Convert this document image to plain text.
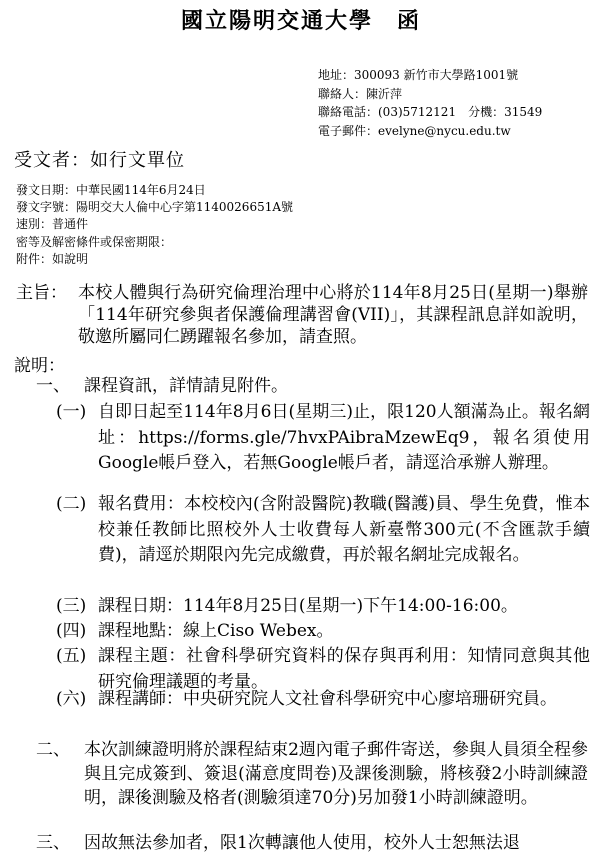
國立陽明交通大學　函
地址：300093 新竹市大學路1001號
聯絡人：陳沂萍
聯絡電話：(03)5712121　分機：31549
電子郵件：evelyne@nycu.edu.tw
受文者：如行文單位
發文日期：中華民國114年6月24日
發文字號：陽明交大人倫中心字第1140026651A號
速別：普通件
密等及解密條件或保密期限：
附件：如說明
主旨： 本校人體與行為研究倫理治理中心將於114年8月25日(星期一)舉辦「114年研究參與者保護倫理講習會(VII)」，其課程訊息詳如說明，敬邀所屬同仁踴躍報名參加，請查照。
說明：
一、 課程資訊，詳情請見附件。
(一) 自即日起至114年8月6日(星期三)止，限120人額滿為止。報名網址：https://forms.gle/7hvxPAibraMzewEq9，報名須使用Google帳戶登入，若無Google帳戶者，請逕洽承辦人辦理。
(二) 報名費用：本校校內(含附設醫院)教職(醫護)員、學生免費，惟本校兼任教師比照校外人士收費每人新臺幣300元(不含匯款手續費)，請逕於期限內先完成繳費，再於報名網址完成報名。
(三) 課程日期：114年8月25日(星期一)下午14:00-16:00。
(四) 課程地點：線上Ciso Webex。
(五) 課程主題：社會科學研究資料的保存與再利用：知情同意與其他研究倫理議題的考量。
(六) 課程講師：中央研究院人文社會科學研究中心廖培珊研究員。
二、 本次訓練證明將於課程結束2週內電子郵件寄送，參與人員須全程參與且完成簽到、簽退(滿意度問卷)及課後測驗，將核發2小時訓練證明，課後測驗及格者(測驗須達70分)另加發1小時訓練證明。
三、 因故無法參加者，限1次轉讓他人使用，校外人士恕無法退
